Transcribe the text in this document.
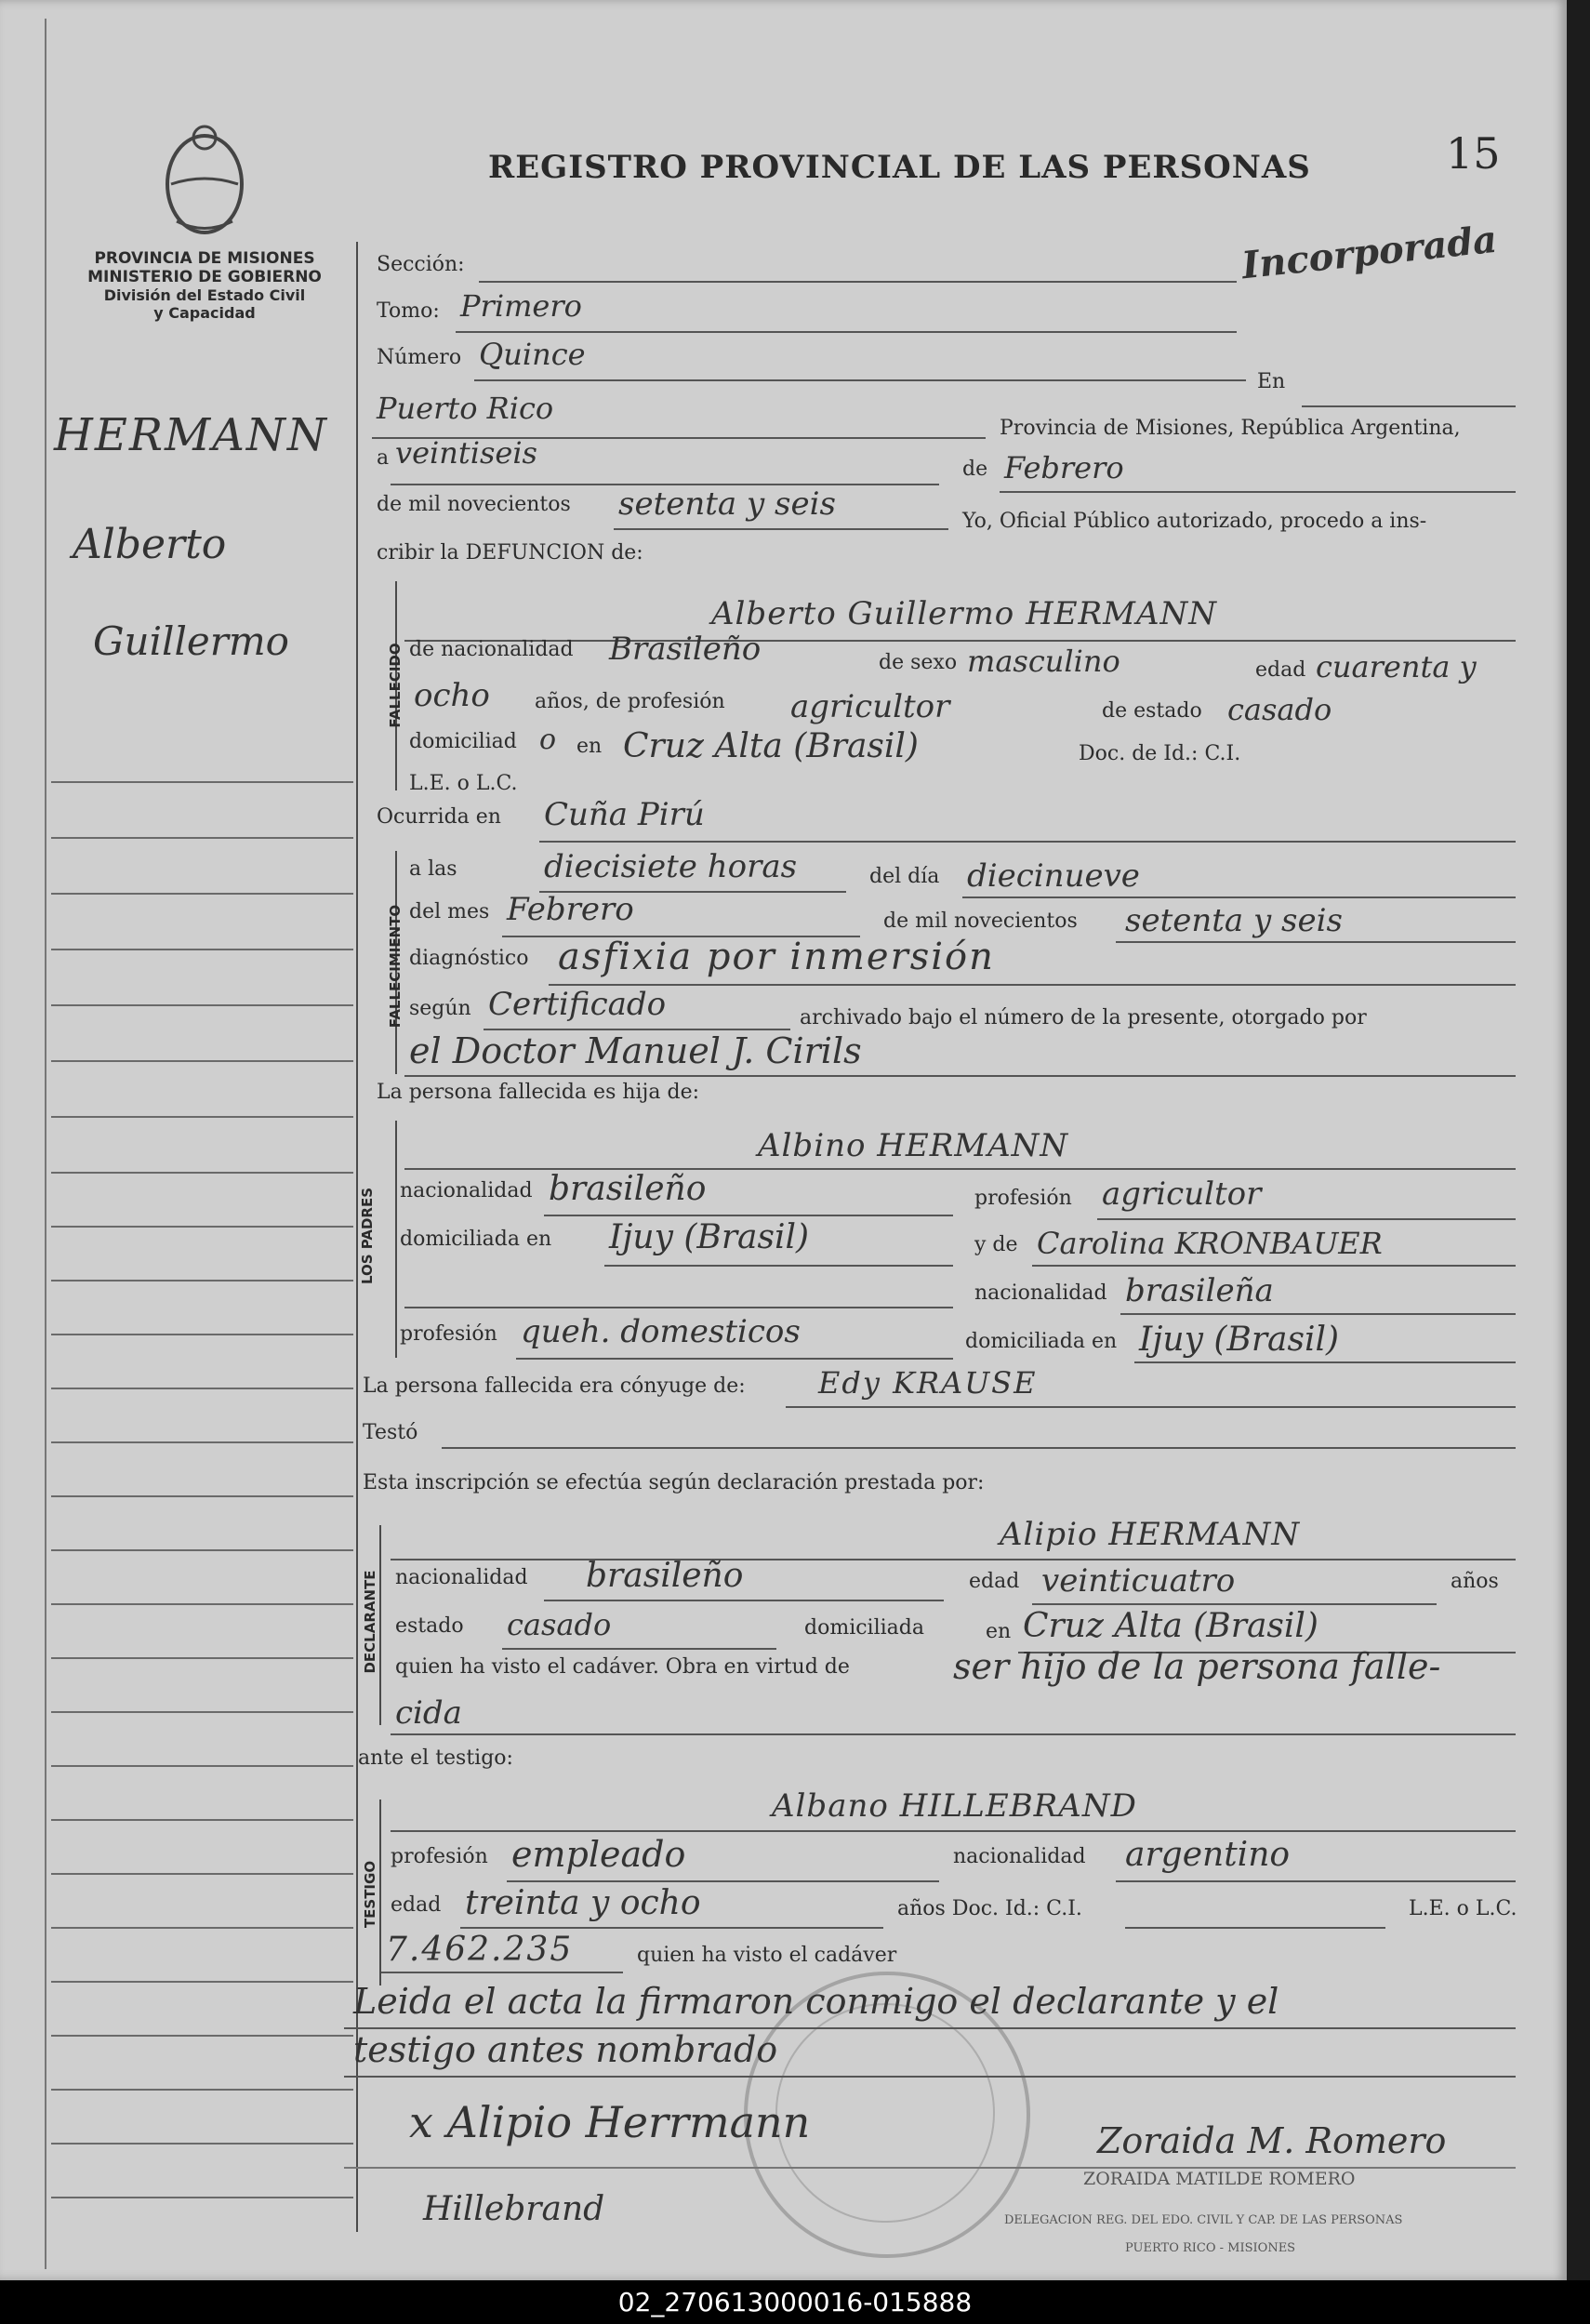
PROVINCIA DE MISIONES
MINISTERIO DE GOBIERNO
División del Estado Civil
y Capacidad
REGISTRO PROVINCIAL DE LAS PERSONAS	15
Incorporada
HERMANN
Alberto
Guillermo
Sección:
Tomo: Primero
Número Quince
En
Puerto Rico
Provincia de Misiones, República Argentina,
a veintiseis	de Febrero
de mil novecientos setenta y seis	Yo, Oficial Público autorizado, procedo a ins-
cribir la DEFUNCION de:
FALLECIDO
Alberto Guillermo HERMANN
de nacionalidad Brasileño	de sexo masculino	edad cuarenta y
ocho años, de profesión agricultor	de estado casado
domiciliad o en Cruz Alta (Brasil)	Doc. de Id.: C.I.
L.E. o L.C.
Ocurrida en Cuña Pirú
FALLECIMIENTO
a las	diecisiete horas	del día diecinueve
del mes Febrero	de mil novecientos setenta y seis
diagnóstico asfixia por inmersión
según Certificado	archivado bajo el número de la presente, otorgado por
el Doctor Manuel J. Cirils
La persona fallecida es hija de:
LOS PADRES
Albino HERMANN
nacionalidad brasileño	profesión agricultor
domiciliada en Ijuy (Brasil)	y de Carolina KRONBAUER
nacionalidad brasileña
profesión queh. domesticos	domiciliada en Ijuy (Brasil)
La persona fallecida era cónyuge de: Edy KRAUSE
Testó
Esta inscripción se efectúa según declaración prestada por:
DECLARANTE
Alipio HERMANN
nacionalidad brasileño	edad veinticuatro	años
estado casado	domiciliada	en Cruz Alta (Brasil)
quien ha visto el cadáver. Obra en virtud de	ser hijo de la persona falle-
cida
ante el testigo:
TESTIGO
Albano HILLEBRAND
profesión empleado	nacionalidad argentino
edad treinta y ocho	años Doc. Id.: C.I.	L.E. o L.C.
7.462.235	quien ha visto el cadáver
Leida el acta la firmaron conmigo el declarante y el
testigo antes nombrado
x Alipio Herrmann	Zoraida M. Romero
ZORAIDA MATILDE ROMERO
DELEGACION REG. DEL EDO. CIVIL Y CAP. DE LAS PERSONAS
PUERTO RICO - MISIONES
Hillebrand
02_270613000016-015888
